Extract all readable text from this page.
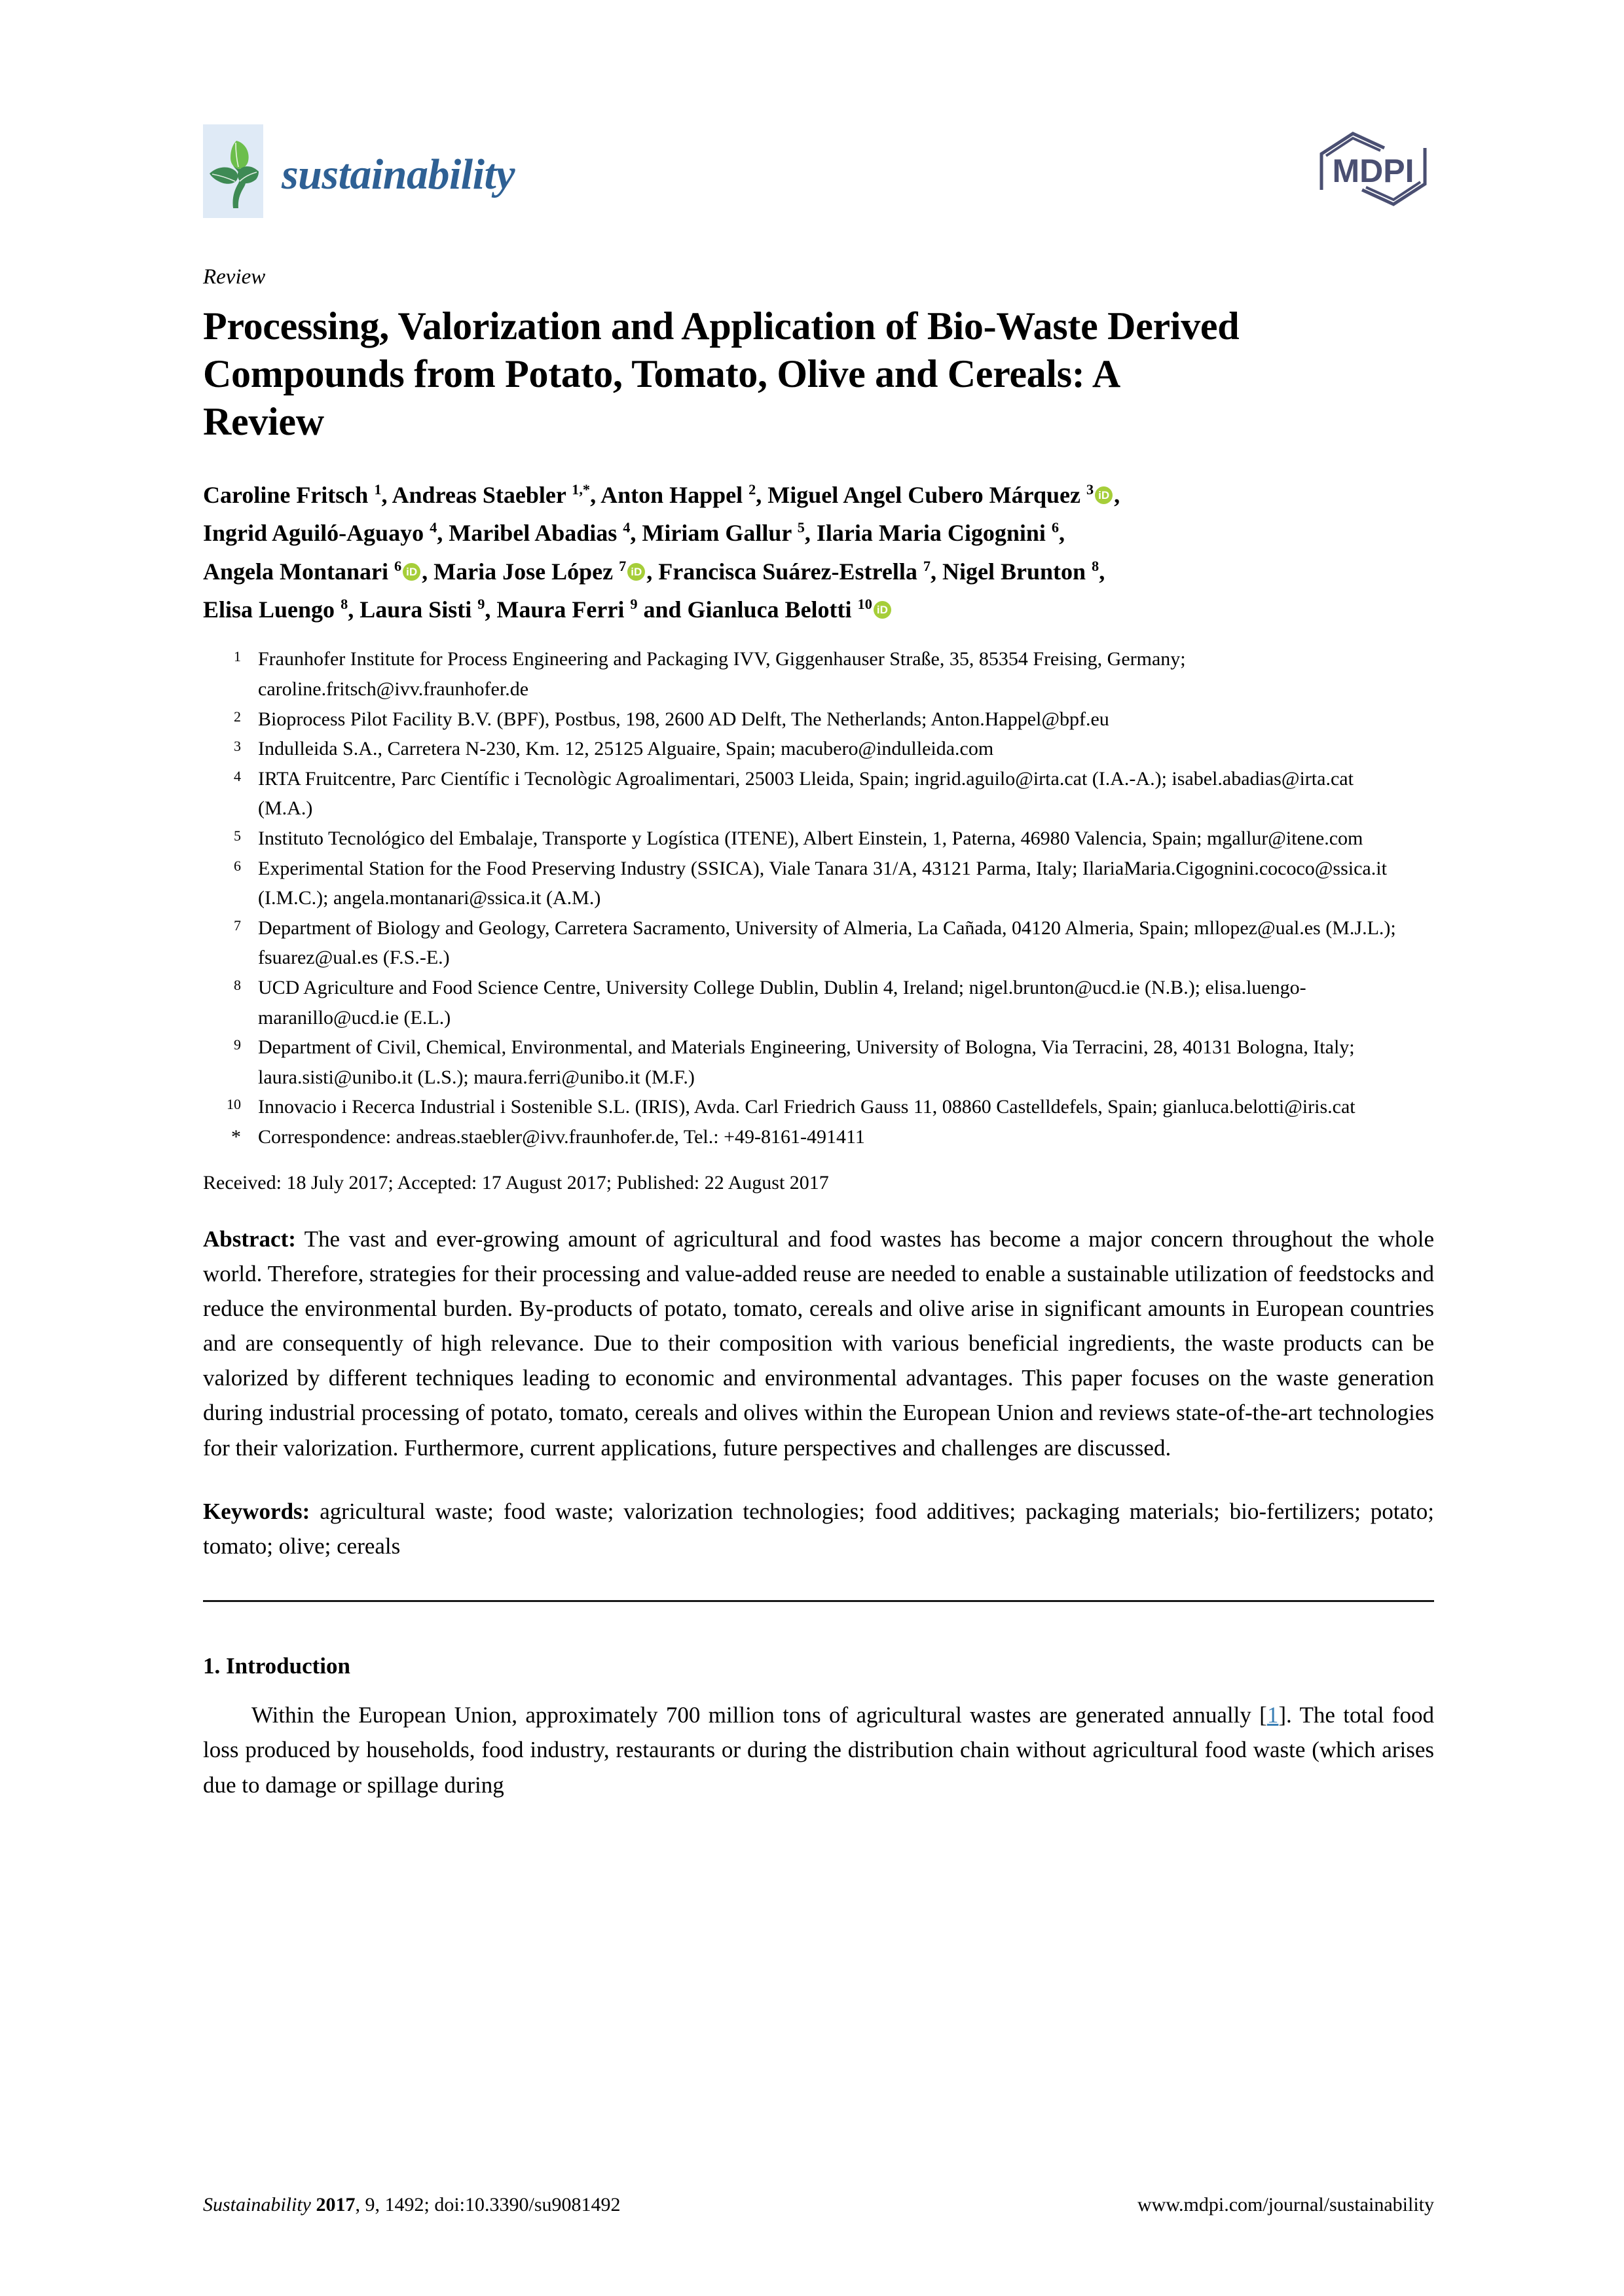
sustainability	MDPI
Review
Processing, Valorization and Application of Bio-Waste Derived Compounds from Potato, Tomato, Olive and Cereals: A Review
Caroline Fritsch $^1$, Andreas Staebler $^{1,*}$, Anton Happel $^2$, Miguel Angel Cubero Márquez $^3$ iD ,
Ingrid Aguiló-Aguayo $^4$, Maribel Abadias $^4$, Miriam Gallur $^5$, Ilaria Maria Cigognini $^6$,
Angela Montanari $^6$ iD , Maria Jose López $^7$ iD , Francisca Suárez-Estrella $^7$, Nigel Brunton $^8$,
Elisa Luengo $^8$, Laura Sisti $^9$, Maura Ferri $^9$ and Gianluca Belotti $^{10}$ iD
1 Fraunhofer Institute for Process Engineering and Packaging IVV, Giggenhauser Straße, 35, 85354 Freising, Germany; caroline.fritsch@ivv.fraunhofer.de
2 Bioprocess Pilot Facility B.V. (BPF), Postbus, 198, 2600 AD Delft, The Netherlands; Anton.Happel@bpf.eu
3 Indulleida S.A., Carretera N-230, Km. 12, 25125 Alguaire, Spain; macubero@indulleida.com
4 IRTA Fruitcentre, Parc Científic i Tecnològic Agroalimentari, 25003 Lleida, Spain; ingrid.aguilo@irta.cat (I.A.-A.); isabel.abadias@irta.cat (M.A.)
5 Instituto Tecnológico del Embalaje, Transporte y Logística (ITENE), Albert Einstein, 1, Paterna, 46980 Valencia, Spain; mgallur@itene.com
6 Experimental Station for the Food Preserving Industry (SSICA), Viale Tanara 31/A, 43121 Parma, Italy; IlariaMaria.Cigognini.cococo@ssica.it (I.M.C.); angela.montanari@ssica.it (A.M.)
7 Department of Biology and Geology, Carretera Sacramento, University of Almeria, La Cañada, 04120 Almeria, Spain; mllopez@ual.es (M.J.L.); fsuarez@ual.es (F.S.-E.)
8 UCD Agriculture and Food Science Centre, University College Dublin, Dublin 4, Ireland; nigel.brunton@ucd.ie (N.B.); elisa.luengo-maranillo@ucd.ie (E.L.)
9 Department of Civil, Chemical, Environmental, and Materials Engineering, University of Bologna, Via Terracini, 28, 40131 Bologna, Italy; laura.sisti@unibo.it (L.S.); maura.ferri@unibo.it (M.F.)
10 Innovacio i Recerca Industrial i Sostenible S.L. (IRIS), Avda. Carl Friedrich Gauss 11, 08860 Castelldefels, Spain; gianluca.belotti@iris.cat
* Correspondence: andreas.staebler@ivv.fraunhofer.de, Tel.: +49-8161-491411
Received: 18 July 2017; Accepted: 17 August 2017; Published: 22 August 2017
Abstract: The vast and ever-growing amount of agricultural and food wastes has become a major concern throughout the whole world. Therefore, strategies for their processing and value-added reuse are needed to enable a sustainable utilization of feedstocks and reduce the environmental burden. By-products of potato, tomato, cereals and olive arise in significant amounts in European countries and are consequently of high relevance. Due to their composition with various beneficial ingredients, the waste products can be valorized by different techniques leading to economic and environmental advantages. This paper focuses on the waste generation during industrial processing of potato, tomato, cereals and olives within the European Union and reviews state-of-the-art technologies for their valorization. Furthermore, current applications, future perspectives and challenges are discussed.
Keywords: agricultural waste; food waste; valorization technologies; food additives; packaging materials; bio-fertilizers; potato; tomato; olive; cereals
1. Introduction

Within the European Union, approximately 700 million tons of agricultural wastes are generated annually [1]. The total food loss produced by households, food industry, restaurants or during the distribution chain without agricultural food waste (which arises due to damage or spillage during

Sustainability 2017, 9, 1492; doi:10.3390/su9081492	www.mdpi.com/journal/sustainability
